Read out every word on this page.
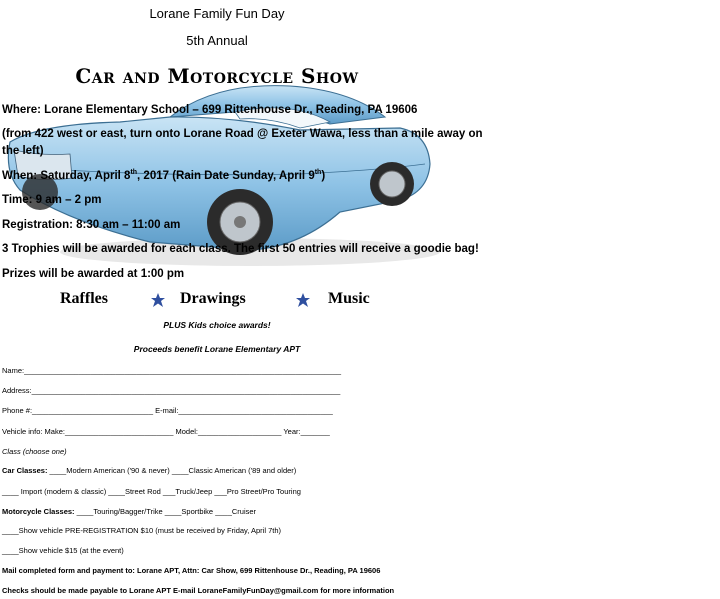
Lorane Family Fun Day
5th Annual
Car and Motorcycle Show
Where: Lorane Elementary School – 699 Rittenhouse Dr., Reading, PA 19606
(from 422 west or east, turn onto Lorane Road @ Exeter Wawa, less than a mile away on
the left)
When: Saturday, April 8th, 2017 (Rain Date Sunday, April 9th)
Time: 9 am – 2 pm
Registration: 8:30 am – 11:00 am
3 Trophies will be awarded for each class. The first 50 entries will receive a goodie bag!
Prizes will be awarded at 1:00 pm
Raffles	Drawings	Music
PLUS Kids choice awards!
Proceeds benefit Lorane Elementary APT
Name:____________________________________________________________________________
Address:__________________________________________________________________________
Phone #:_____________________________ E-mail:_____________________________________
Vehicle info: Make:__________________________ Model:____________________ Year:_______
Class (choose one)
Car Classes: ____Modern American ('90 & never) ____Classic American ('89 and older)
____ Import (modern & classic) ____Street Rod ___Truck/Jeep ___Pro Street/Pro Touring
Motorcycle Classes: ____Touring/Bagger/Trike ____Sportbike ____Cruiser
____Show vehicle PRE-REGISTRATION $10 (must be received by Friday, April 7th)
____Show vehicle $15 (at the event)
Mail completed form and payment to: Lorane APT, Attn: Car Show, 699 Rittenhouse Dr., Reading, PA 19606
Checks should be made payable to Lorane APT E-mail LoraneFamilyFunDay@gmail.com for more information
